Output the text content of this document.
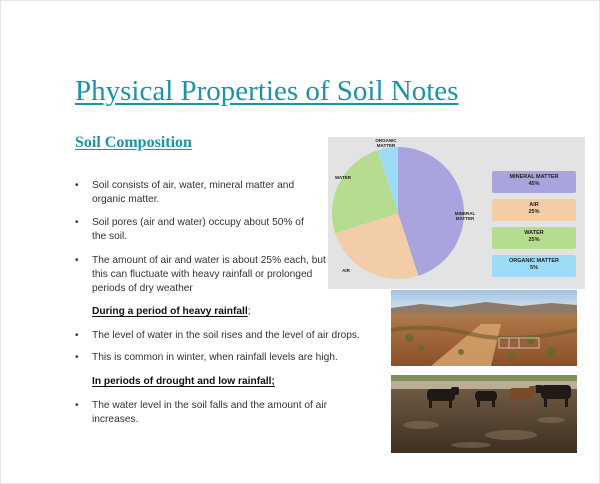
Physical Properties of Soil Notes
Soil Composition
• Soil consists of air, water, mineral matter and organic matter.
• Soil pores (air and water) occupy about 50% of the soil.
• The amount of air and water is about 25% each, but this can fluctuate with heavy rainfall or prolonged periods of dry weather
During a period of heavy rainfall;
• The level of water in the soil rises and the level of air drops.
• This is common in winter, when rainfall levels are high.
In periods of drought and low rainfall;
• The water level in the soil falls and the amount of air increases.
ORGANIC MATTER
WATER
MINERAL MATTER
AIR
MINERAL MATTER
45%
AIR
25%
WATER
25%
ORGANIC MATTER
5%
